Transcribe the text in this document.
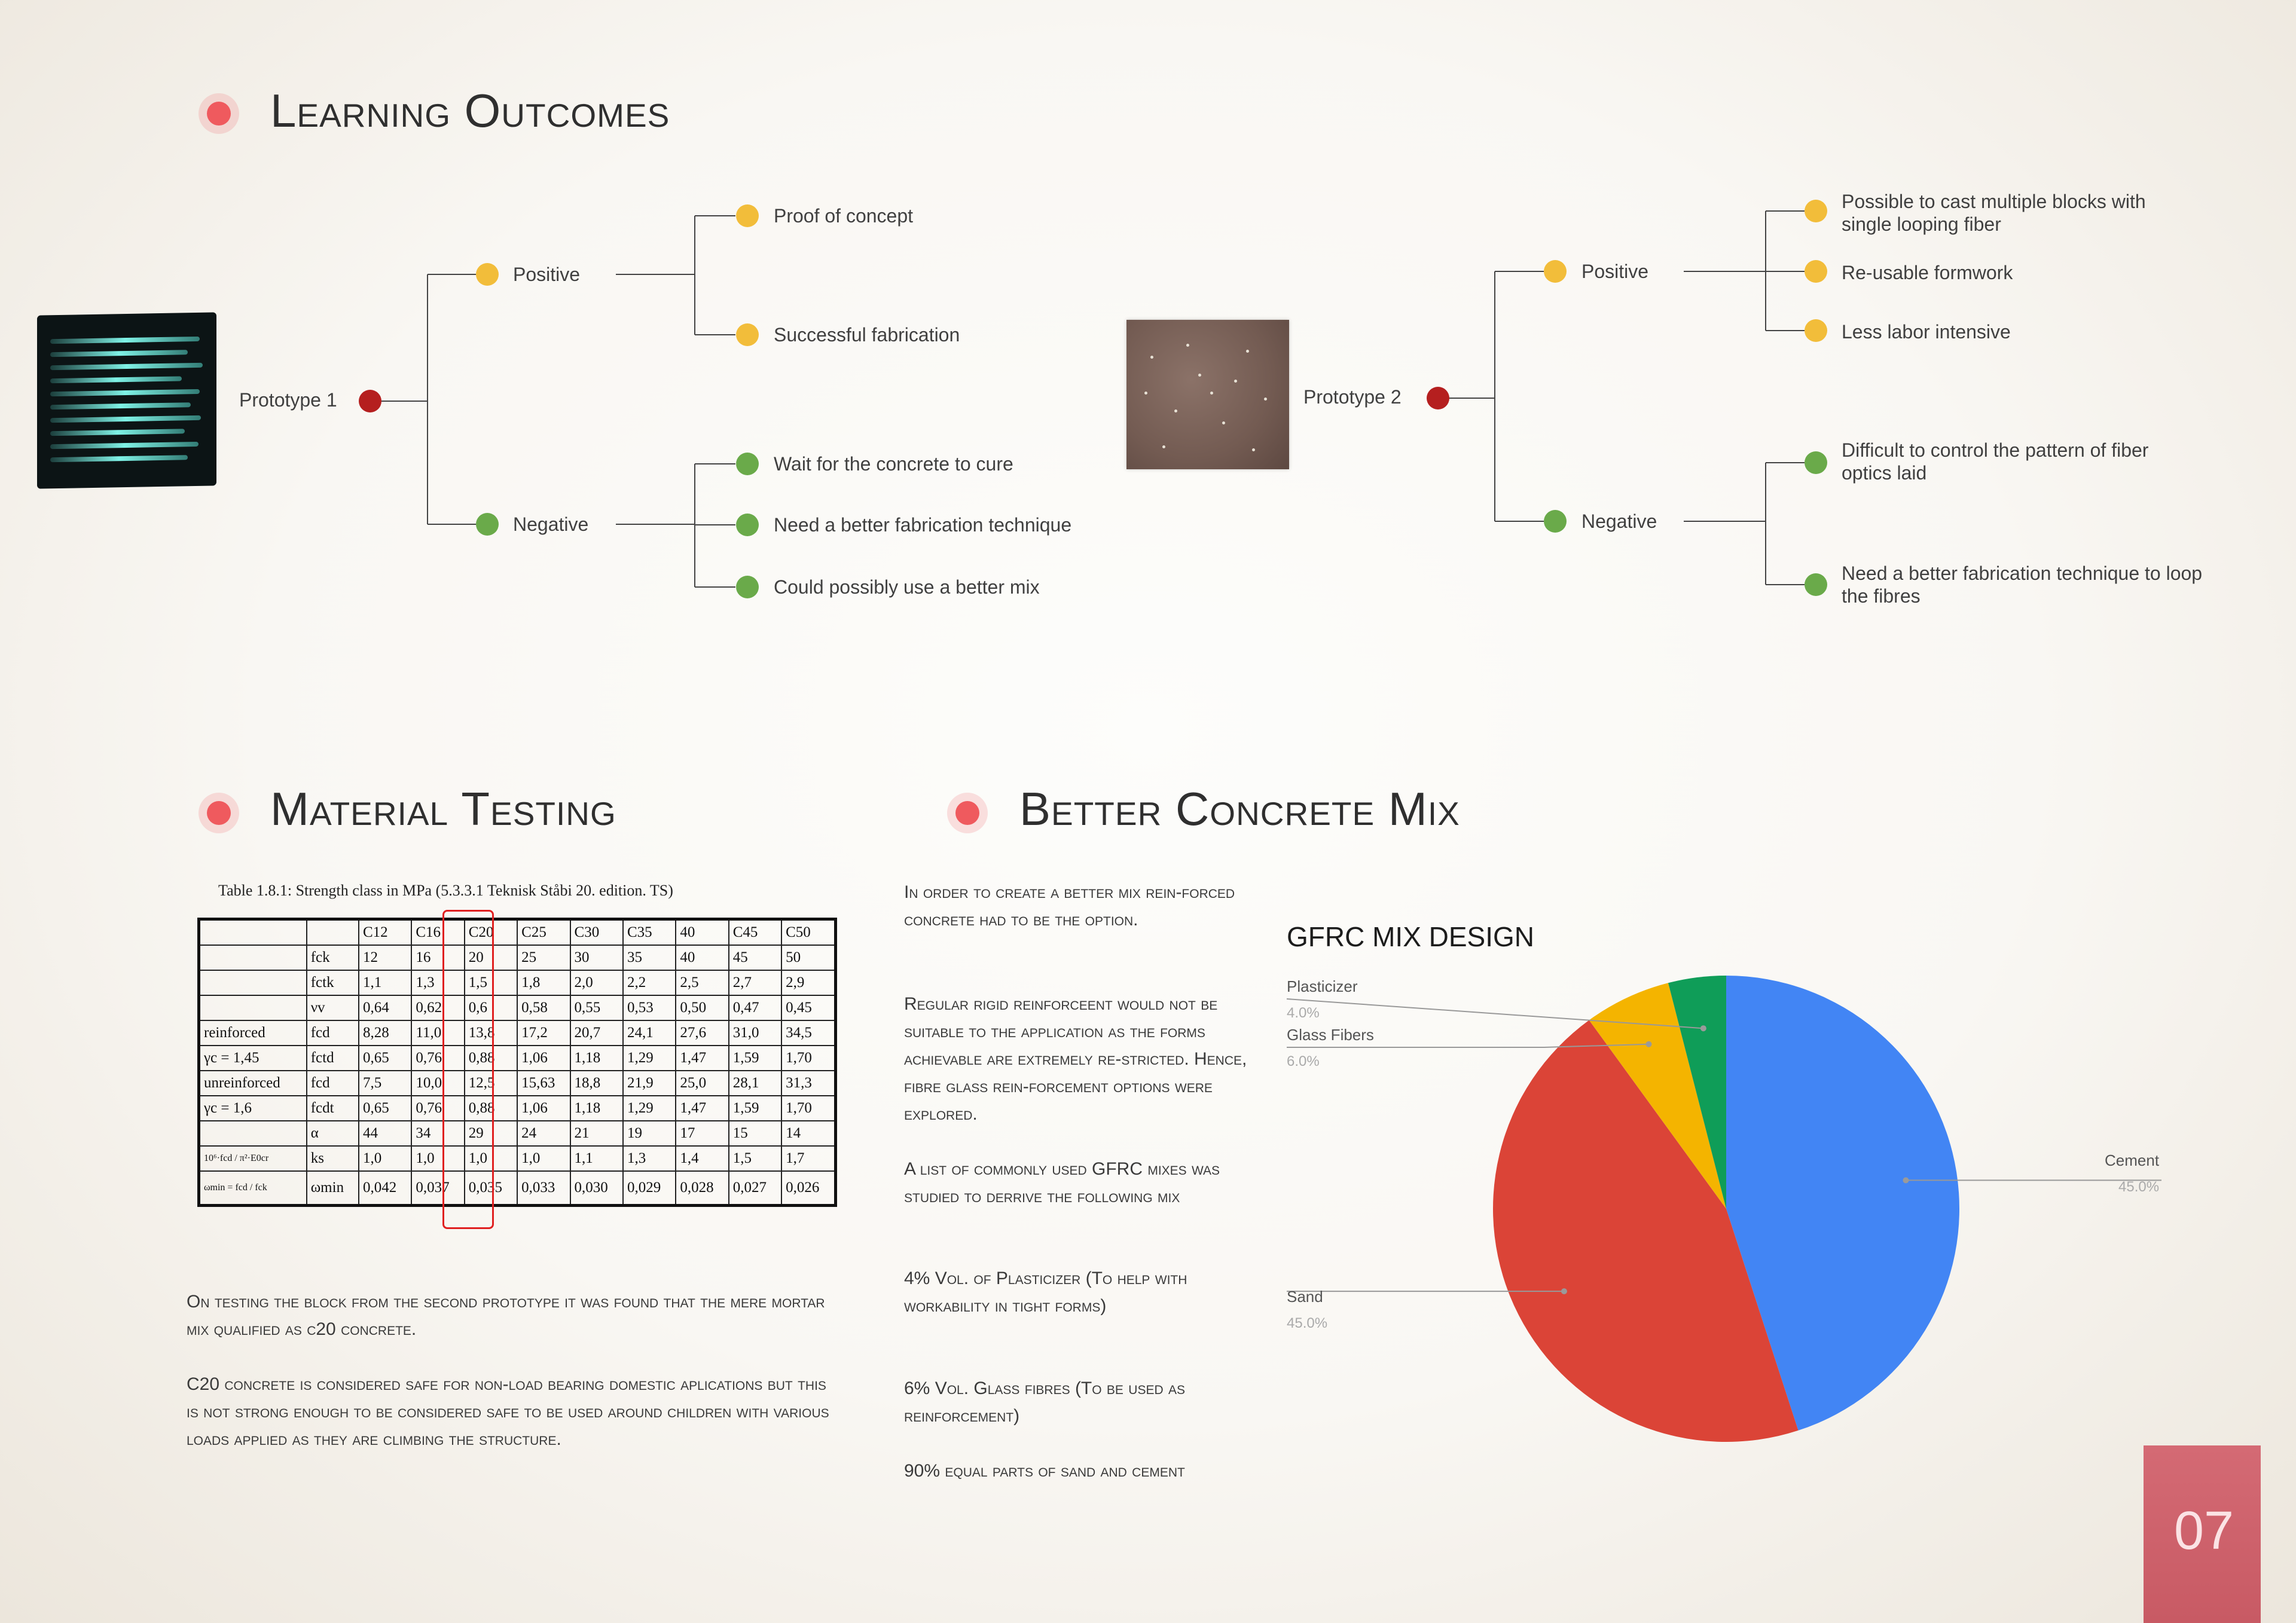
Learning Outcomes
Prototype 1
Positive
Proof of concept
Successful fabrication
Negative
Wait for the concrete to cure
Need a better fabrication technique
Could possibly use a better mix
Prototype 2
Positive
Possible to cast multiple blocks with single looping fiber
Re-usable formwork
Less labor intensive
Negative
Difficult to control the pattern of fiber optics laid
Need a better fabrication technique to loop the fibres
Material Testing
Table 1.8.1: Strength class in MPa (5.3.3.1 Teknisk Ståbi 20. edition. TS)
		C12	C16	C20	C25	C30	C35	40	C45	C50
	fck	12	16	20	25	30	35	40	45	50
	fctk	1,1	1,3	1,5	1,8	2,0	2,2	2,5	2,7	2,9
	νv	0,64	0,62	0,6	0,58	0,55	0,53	0,50	0,47	0,45
reinforced	fcd	8,28	11,0	13,8	17,2	20,7	24,1	27,6	31,0	34,5
γc = 1,45	fctd	0,65	0,76	0,88	1,06	1,18	1,29	1,47	1,59	1,70
unreinforced	fcd	7,5	10,0	12,5	15,63	18,8	21,9	25,0	28,1	31,3
γc = 1,6	fcdt	0,65	0,76	0,88	1,06	1,18	1,29	1,47	1,59	1,70
	α	44	34	29	24	21	19	17	15	14
10⁶·fcd / π²·E0cr	ks	1,0	1,0	1,0	1,0	1,1	1,3	1,4	1,5	1,7
ωmin = fcd / fck	ωmin	0,042	0,037	0,035	0,033	0,030	0,029	0,028	0,027	0,026
On testing the block from the second prototype it was found that the mere mortar mix qualified as c20 concrete.
C20 concrete is considered safe for non-load bearing domestic aplications but this is not strong enough to be considered safe to be used around children with various loads applied as they are climbing the structure.
Better Concrete Mix
In order to create a better mix rein-forced concrete had to be the option.
Regular rigid reinforceent would not be suitable to the application as the forms achievable are extremely re-stricted. Hence, fibre glass rein-forcement options were explored.
A list of commonly used GFRC mixes was studied to derrive the following mix
4% Vol. of Plasticizer (To help with workability in tight forms)
6% Vol. Glass fibres (To be used as reinforcement)
90% equal parts of sand and cement
GFRC MIX DESIGN
Plasticizer
4.0%
Glass Fibers
6.0%
Cement
45.0%
Sand
45.0%
07
